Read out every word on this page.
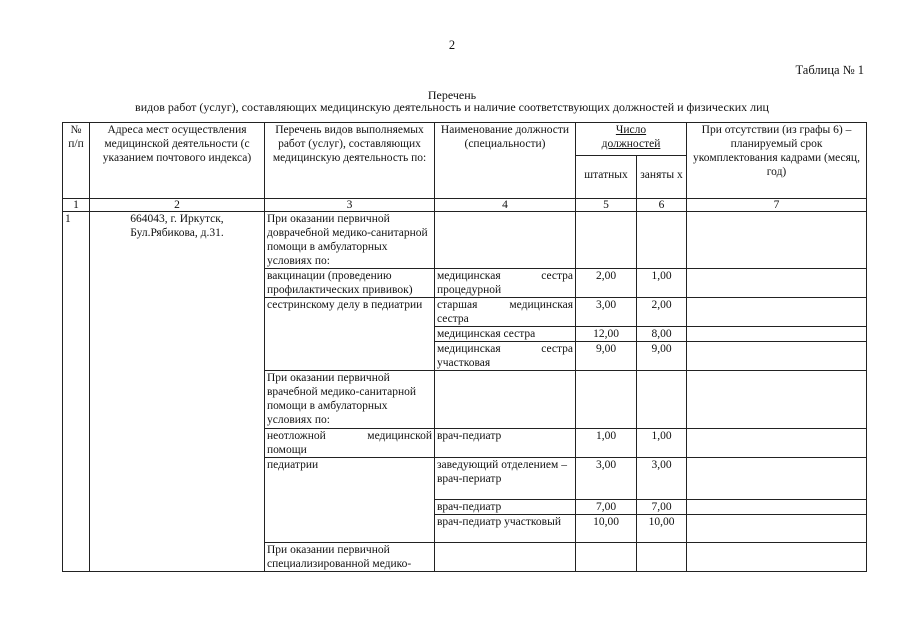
2
Таблица № 1
Перечень
видов работ (услуг), составляющих медицинскую деятельность и наличие соответствующих должностей и физических лиц
№ п/п	Адреса мест осуществления медицинской деятельности (с указанием почтового индекса)	Перечень видов выполняемых работ (услуг), составляющих медицинскую деятельность по:	Наименование должности (специальности)	Число должностей		При отсутствии (из графы 6) – планируемый срок укомплектования кадрами (месяц, год)
				штатных	заняты х	
1	2	3	4	5	6	7
1	664043, г. Иркутск, Бул.Рябикова, д.31.	При оказании первичной доврачебной медико-санитарной помощи в амбулаторных условиях по:				
		вакцинации (проведению профилактических прививок)	медицинская сестра процедурной	2,00	1,00	
		сестринскому делу в педиатрии	старшая медицинская сестра	3,00	2,00	
			медицинская сестра	12,00	8,00	
			медицинская сестра участковая	9,00	9,00	
		При оказании первичной врачебной медико-санитарной помощи в амбулаторных условиях по:				
		неотложной медицинской помощи	врач-педиатр	1,00	1,00	
		педиатрии	заведующий отделением – врач-пeриатр	3,00	3,00	
			врач-педиатр	7,00	7,00	
			врач-педиатр участковый	10,00	10,00	
		При оказании первичной специализированной медико-				
